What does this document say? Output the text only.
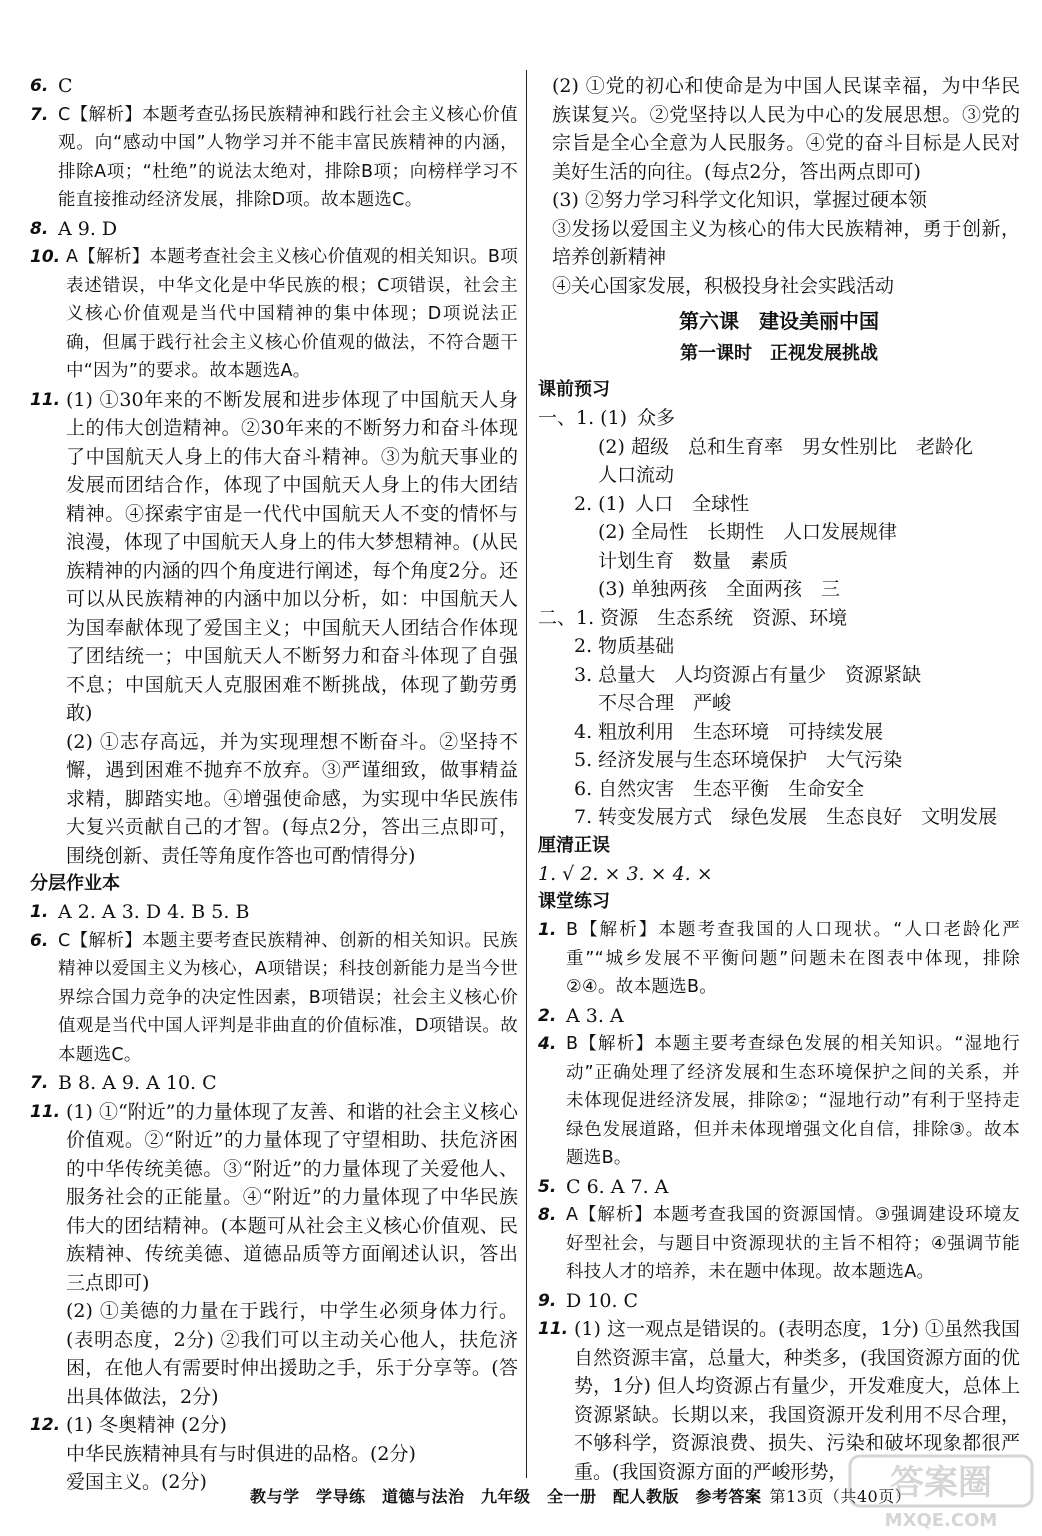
6. C
7. C【解析】本题考查弘扬民族精神和践行社会主义核心价值观。向“感动中国”人物学习并不能丰富民族精神的内涵，排除A项；“杜绝”的说法太绝对，排除B项；向榜样学习不能直接推动经济发展，排除D项。故本题选C。
8. A 9. D
10. A【解析】本题考查社会主义核心价值观的相关知识。B项表述错误，中华文化是中华民族的根；C项错误，社会主义核心价值观是当代中国精神的集中体现；D项说法正确，但属于践行社会主义核心价值观的做法，不符合题干中“因为”的要求。故本题选A。
11. (1) ①30年来的不断发展和进步体现了中国航天人身上的伟大创造精神。②30年来的不断努力和奋斗体现了中国航天人身上的伟大奋斗精神。③为航天事业的发展而团结合作，体现了中国航天人身上的伟大团结精神。④探索宇宙是一代代中国航天人不变的情怀与浪漫，体现了中国航天人身上的伟大梦想精神。(从民族精神的内涵的四个角度进行阐述，每个角度2分。还可以从民族精神的内涵中加以分析，如：中国航天人为国奉献体现了爱国主义；中国航天人团结合作体现了团结统一；中国航天人不断努力和奋斗体现了自强不息；中国航天人克服困难不断挑战，体现了勤劳勇敢)
(2) ①志存高远，并为实现理想不断奋斗。②坚持不懈，遇到困难不抛弃不放弃。③严谨细致，做事精益求精，脚踏实地。④增强使命感，为实现中华民族伟大复兴贡献自己的才智。(每点2分，答出三点即可，围绕创新、责任等角度作答也可酌情得分)
分层作业本
1. A 2. A 3. D 4. B 5. B
6. C【解析】本题主要考查民族精神、创新的相关知识。民族精神以爱国主义为核心，A项错误；科技创新能力是当今世界综合国力竞争的决定性因素，B项错误；社会主义核心价值观是当代中国人评判是非曲直的价值标准，D项错误。故本题选C。
7. B 8. A 9. A 10. C
11. (1) ①“附近”的力量体现了友善、和谐的社会主义核心价值观。②“附近”的力量体现了守望相助、扶危济困的中华传统美德。③“附近”的力量体现了关爱他人、服务社会的正能量。④“附近”的力量体现了中华民族伟大的团结精神。(本题可从社会主义核心价值观、民族精神、传统美德、道德品质等方面阐述认识，答出三点即可)
(2) ①美德的力量在于践行，中学生必须身体力行。(表明态度，2分) ②我们可以主动关心他人，扶危济困，在他人有需要时伸出援助之手，乐于分享等。(答出具体做法，2分)
12. (1) 冬奥精神 (2分)
中华民族精神具有与时俱进的品格。(2分)
爱国主义。(2分)
(2) ①党的初心和使命是为中国人民谋幸福，为中华民族谋复兴。②党坚持以人民为中心的发展思想。③党的宗旨是全心全意为人民服务。④党的奋斗目标是人民对美好生活的向往。(每点2分，答出两点即可)
(3) ②努力学习科学文化知识，掌握过硬本领
③发扬以爱国主义为核心的伟大民族精神，勇于创新，培养创新精神
④关心国家发展，积极投身社会实践活动
第六课　建设美丽中国
第一课时　正视发展挑战
课前预习
一、1. (1) 众多
(2) 超级　总和生育率　男女性别比　老龄化
人口流动
2. (1) 人口　全球性
(2) 全局性　长期性　人口发展规律
计划生育　数量　素质
(3) 单独两孩　全面两孩　三
二、1. 资源　生态系统　资源、环境
2. 物质基础
3. 总量大　人均资源占有量少　资源紧缺
不尽合理　严峻
4. 粗放利用　生态环境　可持续发展
5. 经济发展与生态环境保护　大气污染
6. 自然灾害　生态平衡　生命安全
7. 转变发展方式　绿色发展　生态良好　文明发展
厘清正误
1. √ 2. × 3. × 4. ×
课堂练习
1. B【解析】本题考查我国的人口现状。“人口老龄化严重”“城乡发展不平衡问题”问题未在图表中体现，排除②④。故本题选B。
2. A 3. A
4. B【解析】本题主要考查绿色发展的相关知识。“湿地行动”正确处理了经济发展和生态环境保护之间的关系，并未体现促进经济发展，排除②；“湿地行动”有利于坚持走绿色发展道路，但并未体现增强文化自信，排除③。故本题选B。
5. C 6. A 7. A
8. A【解析】本题考查我国的资源国情。③强调建设环境友好型社会，与题目中资源现状的主旨不相符；④强调节能科技人才的培养，未在题中体现。故本题选A。
9. D 10. C
11. (1) 这一观点是错误的。(表明态度，1分) ①虽然我国自然资源丰富，总量大，种类多，(我国资源方面的优势，1分) 但人均资源占有量少，开发难度大，总体上资源紧缺。长期以来，我国资源开发利用不尽合理，不够科学，资源浪费、损失、污染和破坏现象都很严重。(我国资源方面的严峻形势，
教与学　学导练　道德与法治　九年级　全一册　配人教版　参考答案 第13页（共40页）
答案圈
MXQE.COM
